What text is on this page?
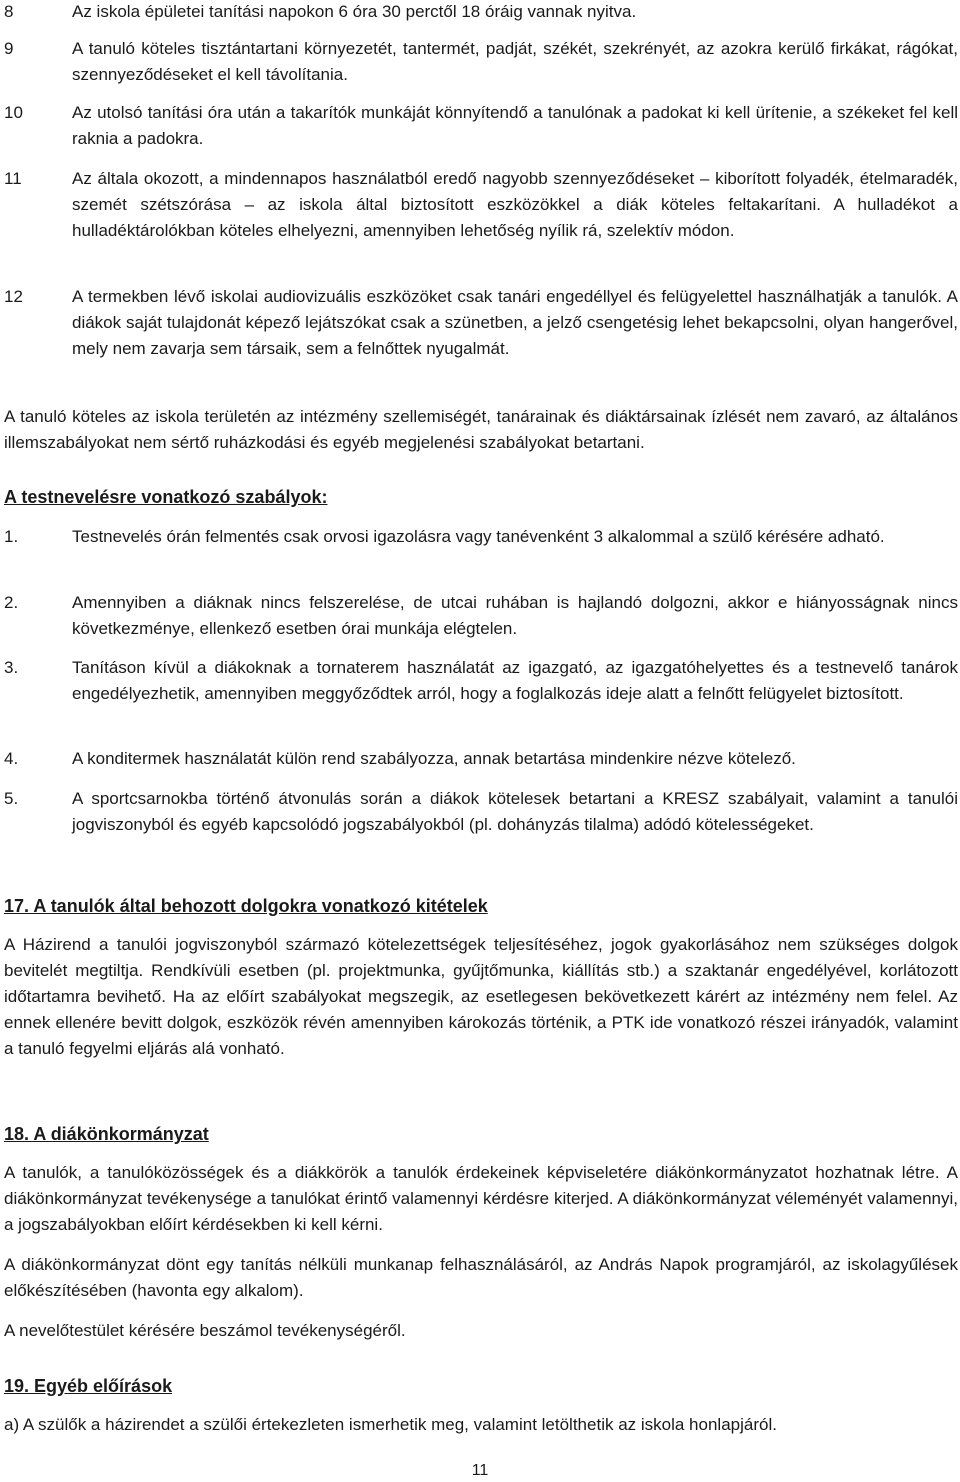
8	Az iskola épületei tanítási napokon 6 óra 30 perctől 18 óráig vannak nyitva.
9	A tanuló köteles tisztántartani környezetét, tantermét, padját, székét, szekrényét, az azokra kerülő firkákat, rágókat, szennyeződéseket el kell távolítania.
10	Az utolsó tanítási óra után a takarítók munkáját könnyítendő a tanulónak a padokat ki kell ürítenie, a székeket fel kell raknia a padokra.
11	Az általa okozott, a mindennapos használatból eredő nagyobb szennyeződéseket – kiborított folyadék, ételmaradék, szemét szétszórása – az iskola által biztosított eszközökkel a diák köteles feltakarítani. A hulladékot a hulladéktárolókban köteles elhelyezni, amennyiben lehetőség nyílik rá, szelektív módon.
12	A termekben lévő iskolai audiovizuális eszközöket csak tanári engedéllyel és felügyelettel használhatják a tanulók. A diákok saját tulajdonát képező lejátszókat csak a szünetben, a jelző csengetésig lehet bekapcsolni, olyan hangerővel, mely nem zavarja sem társaik, sem a felnőttek nyugalmát.
A tanuló köteles az iskola területén az intézmény szellemiségét, tanárainak és diáktársainak ízlését nem zavaró, az általános illemszabályokat nem sértő ruházkodási és egyéb megjelenési szabályokat betartani.
A testnevelésre vonatkozó szabályok:
1.	Testnevelés órán felmentés csak orvosi igazolásra vagy tanévenként 3 alkalommal a szülő kérésére adható.
2.	Amennyiben a diáknak nincs felszerelése, de utcai ruhában is hajlandó dolgozni, akkor e hiányosságnak nincs következménye, ellenkező esetben órai munkája elégtelen.
3.	Tanításon kívül a diákoknak a tornaterem használatát az igazgató, az igazgatóhelyettes és a testnevelő tanárok engedélyezhetik, amennyiben meggyőződtek arról, hogy a foglalkozás ideje alatt a felnőtt felügyelet biztosított.
4.	A konditermek használatát külön rend szabályozza, annak betartása mindenkire nézve kötelező.
5.	A sportcsarnokba történő átvonulás során a diákok kötelesek betartani a KRESZ szabályait, valamint a tanulói jogviszonyból és egyéb kapcsolódó jogszabályokból (pl. dohányzás tilalma) adódó kötelességeket.
17. A tanulók által behozott dolgokra vonatkozó kitételek
A Házirend a tanulói jogviszonyból származó kötelezettségek teljesítéséhez, jogok gyakorlásához nem szükséges dolgok bevitelét megtiltja. Rendkívüli esetben (pl. projektmunka, gyűjtőmunka, kiállítás stb.) a szaktanár engedélyével, korlátozott időtartamra bevihető. Ha az előírt szabályokat megszegik, az esetlegesen bekövetkezett kárért az intézmény nem felel. Az ennek ellenére bevitt dolgok, eszközök révén amennyiben károkozás történik, a PTK ide vonatkozó részei irányadók, valamint a tanuló fegyelmi eljárás alá vonható.
18. A diákönkormányzat
A tanulók, a tanulóközösségek és a diákkörök a tanulók érdekeinek képviseletére diákönkormányzatot hozhatnak létre. A diákönkormányzat tevékenysége a tanulókat érintő valamennyi kérdésre kiterjed. A diákönkormányzat véleményét valamennyi, a jogszabályokban előírt kérdésekben ki kell kérni.
A diákönkormányzat dönt egy tanítás nélküli munkanap felhasználásáról, az András Napok programjáról, az iskolagyűlések előkészítésében (havonta egy alkalom).
A nevelőtestület kérésére beszámol tevékenységéről.
19. Egyéb előírások
a) A szülők a házirendet a szülői értekezleten ismerhetik meg, valamint letölthetik az iskola honlapjáról.
11
